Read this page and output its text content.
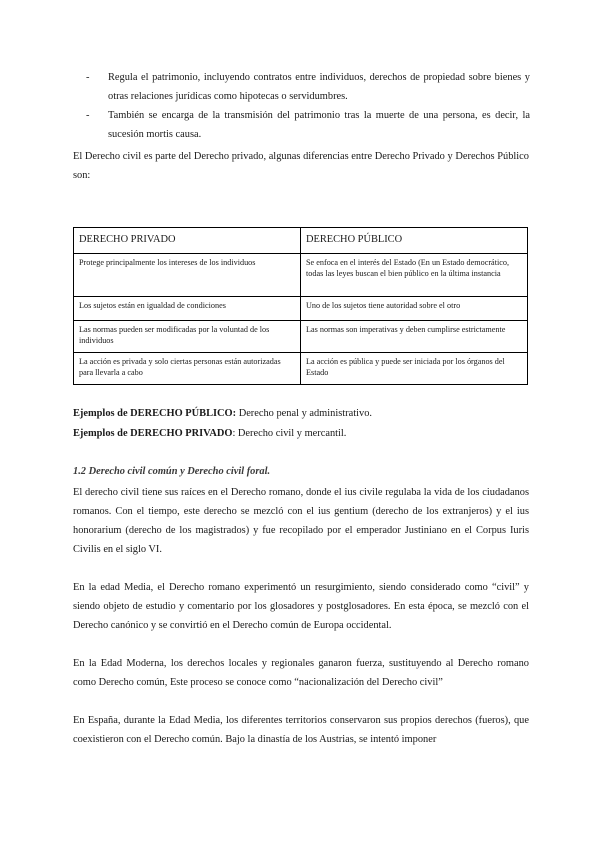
-	Regula el patrimonio, incluyendo contratos entre individuos, derechos de propiedad sobre bienes y otras relaciones jurídicas como hipotecas o servidumbres.
-	También se encarga de la transmisión del patrimonio tras la muerte de una persona, es decir, la sucesión mortis causa.
El Derecho civil es parte del Derecho privado, algunas diferencias entre Derecho Privado y Derechos Público son:
DERECHO PRIVADO	DERECHO PÚBLICO
Protege principalmente los intereses de los individuos	Se enfoca en el interés del Estado (En un Estado democrático, todas las leyes buscan el bien público en la última instancia
Los sujetos están en igualdad de condiciones	Uno de los sujetos tiene autoridad sobre el otro
Las normas pueden ser modificadas por la voluntad de los individuos	Las normas son imperativas y deben cumplirse estrictamente
La acción es privada y solo ciertas personas están autorizadas para llevarla a cabo	La acción es pública y puede ser iniciada por los órganos del Estado
Ejemplos de DERECHO PÚBLICO: Derecho penal y administrativo.
Ejemplos de DERECHO PRIVADO: Derecho civil y mercantil.
1.2 Derecho civil común y Derecho civil foral.
El derecho civil tiene sus raíces en el Derecho romano, donde el ius civile regulaba la vida de los ciudadanos romanos. Con el tiempo, este derecho se mezcló con el ius gentium (derecho de los extranjeros) y el ius honorarium (derecho de los magistrados) y fue recopilado por el emperador Justiniano en el Corpus Iuris Civilis en el siglo VI.
En la edad Media, el Derecho romano experimentó un resurgimiento, siendo considerado como “civil” y siendo objeto de estudio y comentario por los glosadores y postglosadores. En esta época, se mezcló con el Derecho canónico y se convirtió en el Derecho común de Europa occidental.
En la Edad Moderna, los derechos locales y regionales ganaron fuerza, sustituyendo al Derecho romano como Derecho común, Este proceso se conoce como “nacionalización del Derecho civil”
En España, durante la Edad Media, los diferentes territorios conservaron sus propios derechos (fueros), que coexistieron con el Derecho común. Bajo la dinastía de los Austrias, se intentó imponer
